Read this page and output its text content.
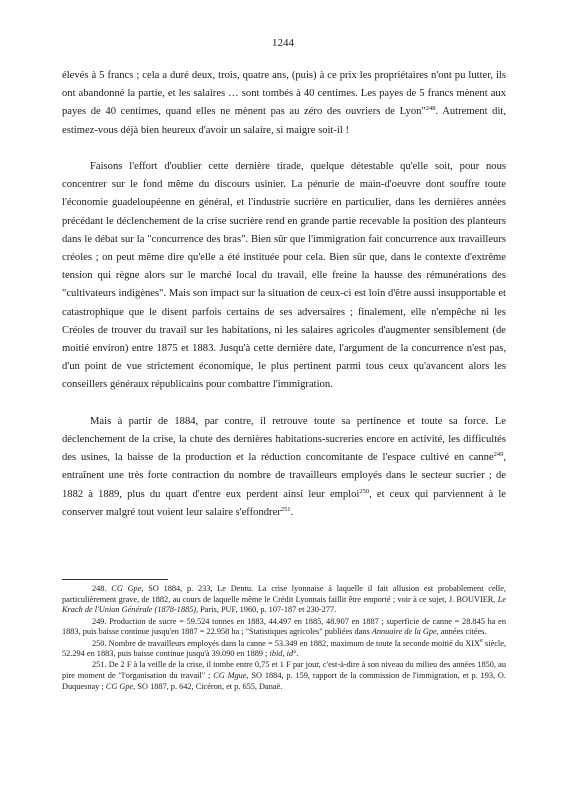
1244

élevés à 5 francs ; cela a duré deux, trois, quatre ans, (puis) à ce prix les propriétaires n'ont pu lutter, ils ont abandonné la partie, et les salaires … sont tombés à 40 centimes. Les payes de 5 francs mènent aux payes de 40 centimes, quand elles ne mènent pas au zéro des ouvriers de Lyon"$^{248}$. Autrement dit, estimez-vous déjà bien heureux d'avoir un salaire, si maigre soit-il !

Faisons l'effort d'oublier cette dernière tirade, quelque détestable qu'elle soit, pour nous concentrer sur le fond même du discours usinier. La pénurie de main-d'oeuvre dont souffre toute l'économie guadeloupéenne en général, et l'industrie sucrière en particulier, dans les dernières années précédant le déclenchement de la crise sucrière rend en grande partie recevable la position des planteurs dans le débat sur la "concurrence des bras". Bien sûr que l'immigration fait concurrence aux travailleurs créoles ; on peut même dire qu'elle a été instituée pour cela. Bien sûr que, dans le contexte d'extrême tension qui règne alors sur le marché local du travail, elle freine la hausse des rémunérations des "cultivateurs indigènes". Mais son impact sur la situation de ceux-ci est loin d'être aussi insupportable et catastrophique que le disent parfois certains de ses adversaires ; finalement, elle n'empêche ni les Créoles de trouver du travail sur les habitations, ni les salaires agricoles d'augmenter sensiblement (de moitié environ) entre 1875 et 1883. Jusqu'à cette dernière date, l'argument de la concurrence n'est pas, d'un point de vue strictement économique, le plus pertinent parmi tous ceux qu'avancent alors les conseillers généraux républicains pour combattre l'immigration.

Mais à partir de 1884, par contre, il retrouve toute sa pertinence et toute sa force. Le déclenchement de la crise, la chute des dernières habitations-sucreries encore en activité, les difficultés des usines, la baisse de la production et la réduction concomitante de l'espace cultivé en canne$^{249}$, entraînent une très forte contraction du nombre de travailleurs employés dans le secteur sucrier ; de 1882 à 1889, plus du quart d'entre eux perdent ainsi leur emploi$^{250}$, et ceux qui parviennent à le conserver malgré tout voient leur salaire s'effondrer$^{251}$.

248. CG Gpe, SO 1884, p. 233, Le Dentu. La crise lyonnaise à laquelle il fait allusion est probablement celle, particulièrement grave, de 1882, au cours de laquelle même le Crédit Lyonnais faillit être emporté ; voir à ce sujet, J. BOUVIER, Le Krach de l'Union Générale (1878-1885), Paris, PUF, 1960, p. 107-187 et 230-277.

249. Production de sucre = 59.524 tonnes en 1883, 44.497 en 1885, 48.907 en 1887 ; superficie de canne = 28.845 ha en 1883, puis baisse continue jusqu'en 1887 = 22.958 ha ; "Statistiques agricoles" publiées dans Annuaire de la Gpe, années citées.

250. Nombre de travailleurs employés dans la canne = 53.349 en 1882, maximum de toute la seconde moitié du XIXe siècle, 52.294 en 1883, puis baisse continue jusqu'à 39.090 en 1889 ; ibid, id°.

251. De 2 F à la veille de la crise, il tombe entre 0,75 et 1 F par jour, c'est-à-dire à son niveau du milieu des années 1850, au pire moment de "l'organisation du travail" ; CG Mgue, SO 1884, p. 159, rapport de la commission de l'immigration, et p. 193, O. Duquesnay ; CG Gpe, SO 1887, p. 642, Cicéron, et p. 655, Danaë.
